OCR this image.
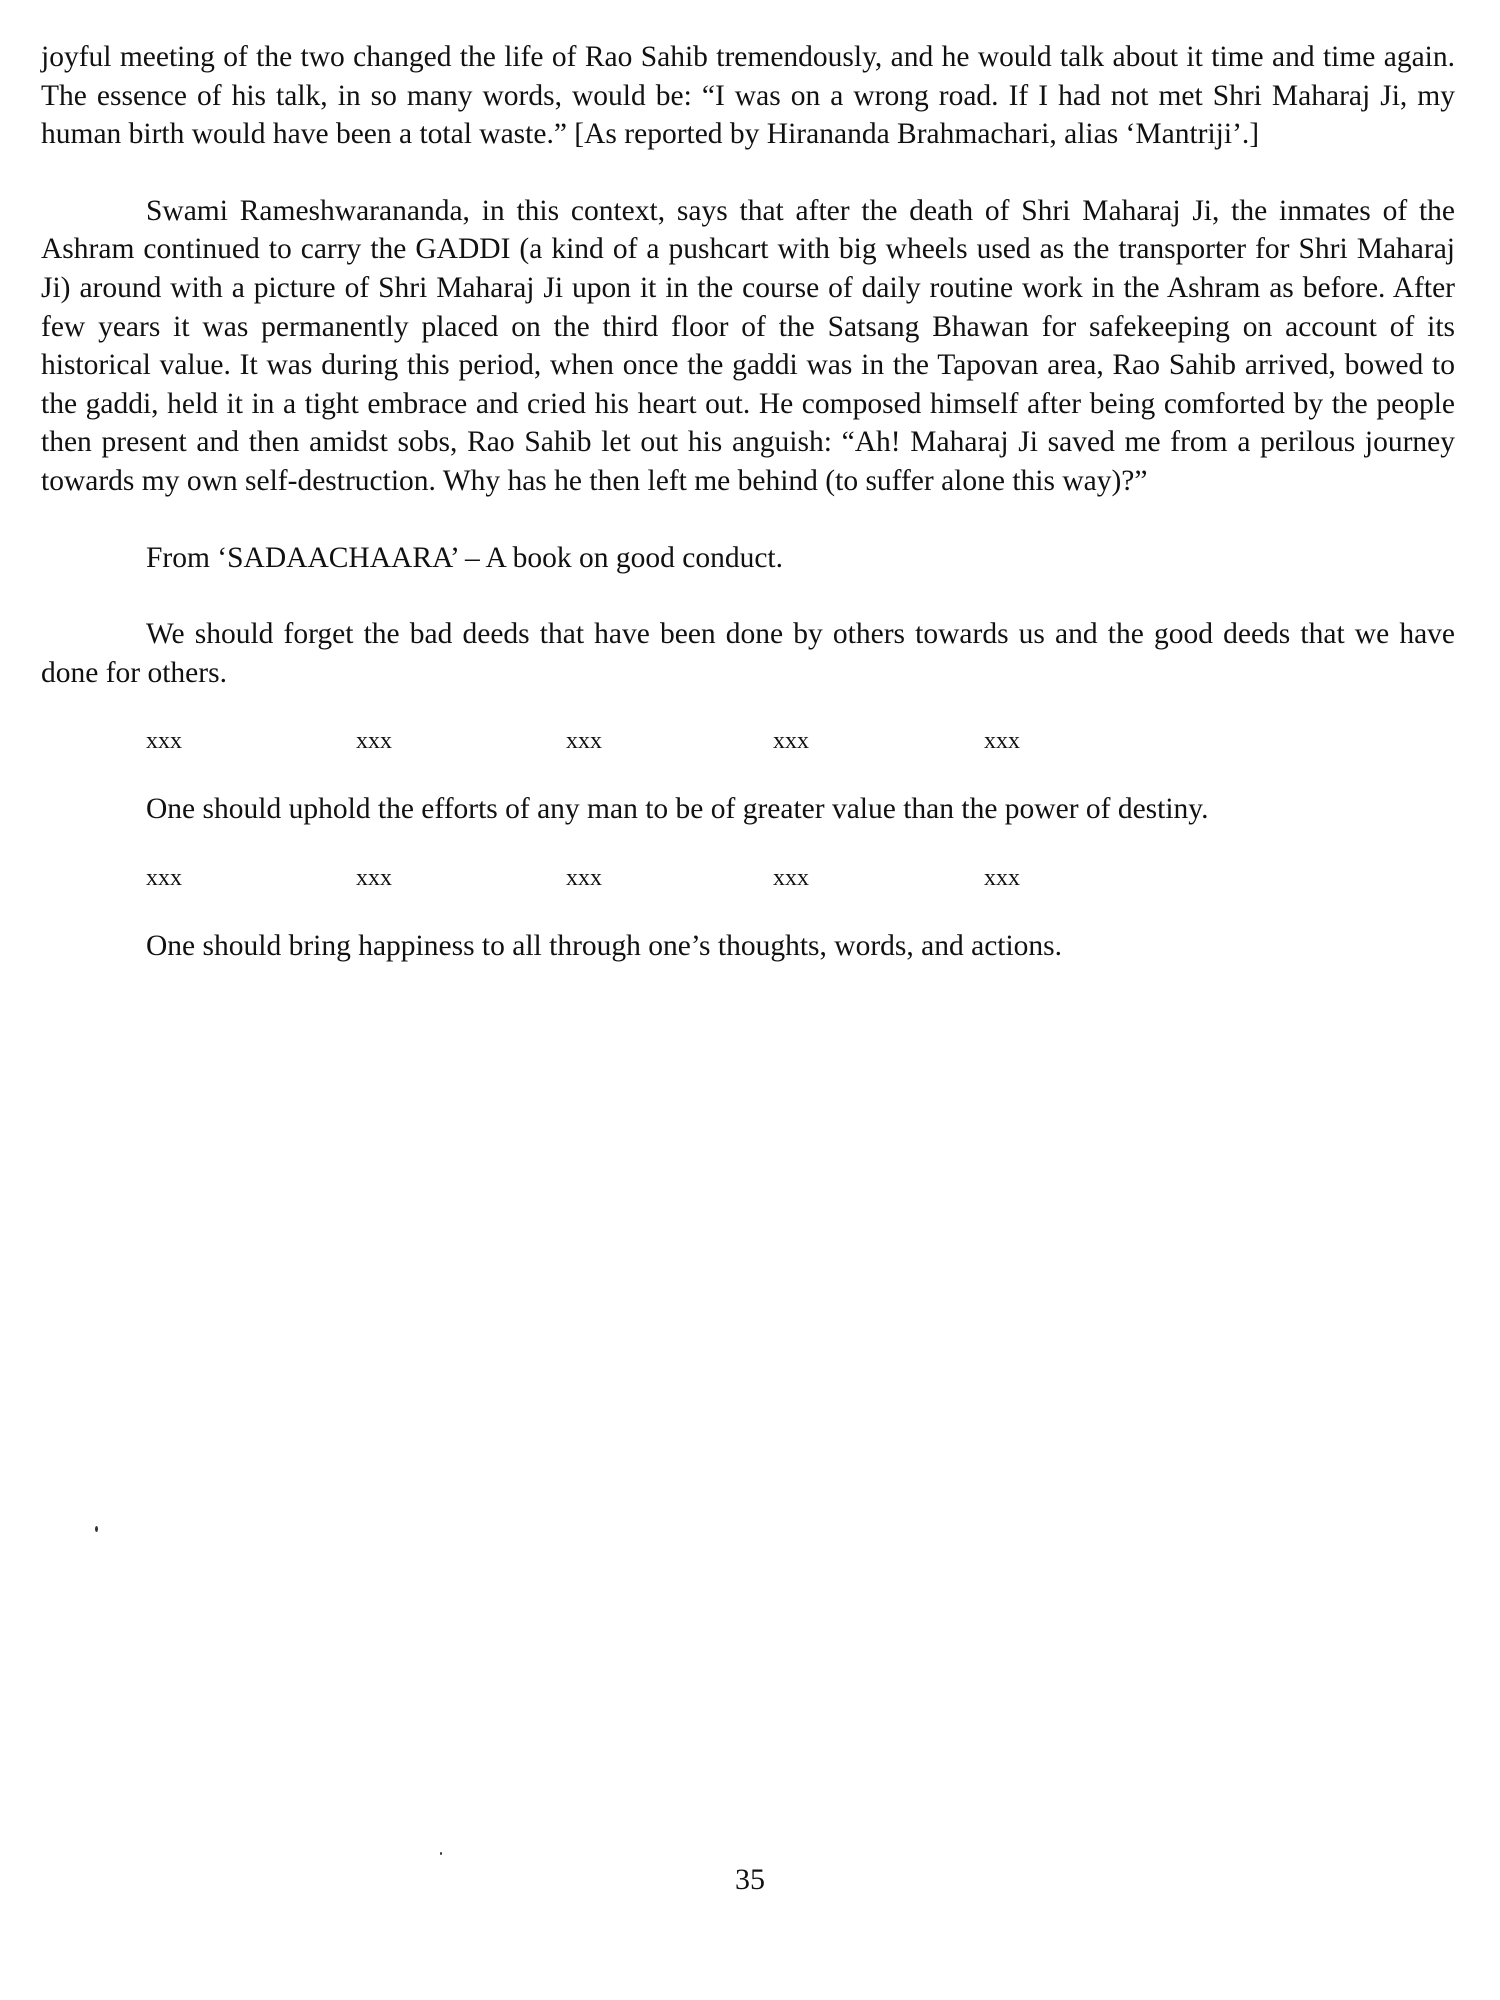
joyful meeting of the two changed the life of Rao Sahib tremendously, and he would talk about it time and time again. The essence of his talk, in so many words, would be: “I was on a wrong road. If I had not met Shri Maharaj Ji, my human birth would have been a total waste.” [As reported by Hirananda Brahmachari, alias ‘Mantriji’.]

Swami Rameshwarananda, in this context, says that after the death of Shri Maharaj Ji, the inmates of the Ashram continued to carry the GADDI (a kind of a pushcart with big wheels used as the transporter for Shri Maharaj Ji) around with a picture of Shri Maharaj Ji upon it in the course of daily routine work in the Ashram as before. After few years it was permanently placed on the third floor of the Satsang Bhawan for safekeeping on account of its historical value. It was during this period, when once the gaddi was in the Tapovan area, Rao Sahib arrived, bowed to the gaddi, held it in a tight embrace and cried his heart out. He composed himself after being comforted by the people then present and then amidst sobs, Rao Sahib let out his anguish: “Ah! Maharaj Ji saved me from a perilous journey towards my own self-destruction. Why has he then left me behind (to suffer alone this way)?”

From ‘SADAACHAARA’ – A book on good conduct.

We should forget the bad deeds that have been done by others towards us and the good deeds that we have done for others.

xxx	xxx	xxx	xxx	xxx

One should uphold the efforts of any man to be of greater value than the power of destiny.

xxx	xxx	xxx	xxx	xxx

One should bring happiness to all through one’s thoughts, words, and actions.

35
